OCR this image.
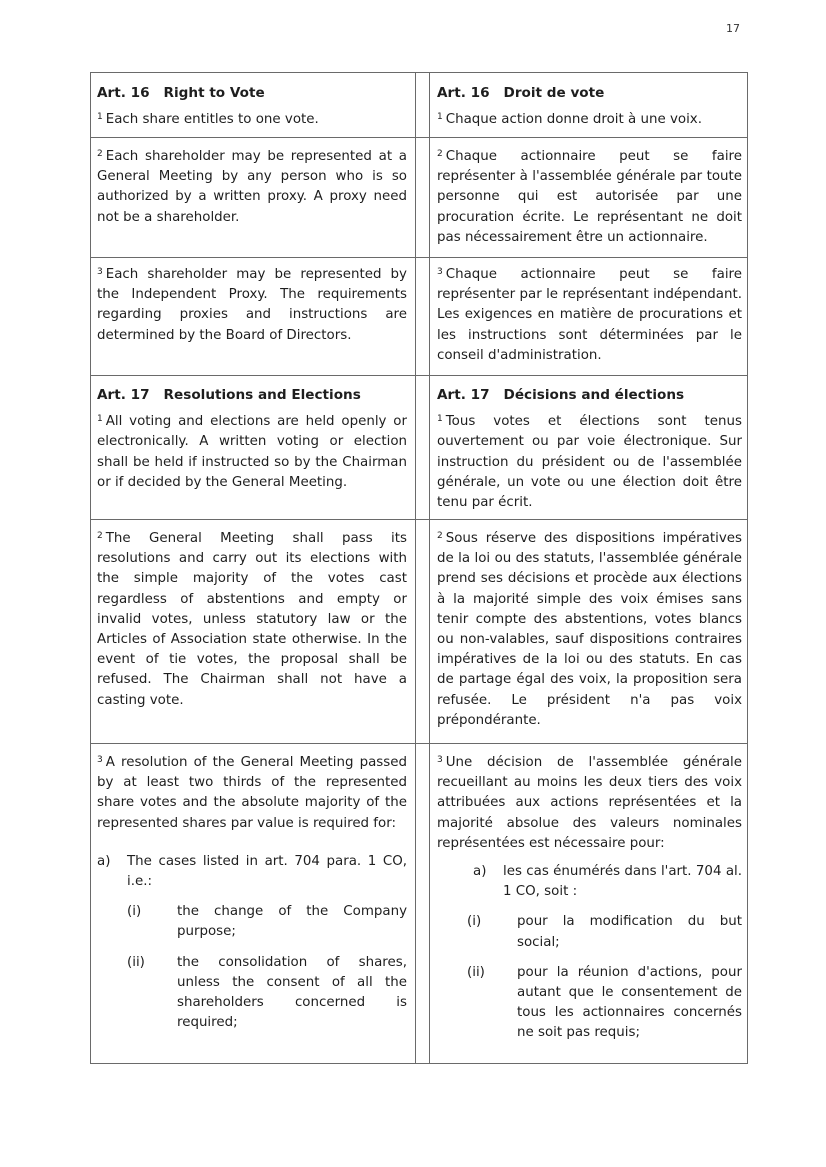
17
Art. 16 Right to Vote

$^1$ Each share entitles to one vote.

Art. 16 Droit de vote

$^1$ Chaque action donne droit à une voix.

$^2$ Each shareholder may be represented at a General Meeting by any person who is so authorized by a written proxy. A proxy need not be a shareholder.

$^2$ Chaque actionnaire peut se faire représenter à l'assemblée générale par toute personne qui est autorisée par une procuration écrite. Le représentant ne doit pas nécessairement être un actionnaire.

$^3$ Each shareholder may be represented by the Independent Proxy. The requirements regarding proxies and instructions are determined by the Board of Directors.

$^3$ Chaque actionnaire peut se faire représenter par le représentant indépendant. Les exigences en matière de procurations et les instructions sont déterminées par le conseil d'administration.

Art. 17 Resolutions and Elections

$^1$ All voting and elections are held openly or electronically. A written voting or election shall be held if instructed so by the Chairman or if decided by the General Meeting.

Art. 17 Décisions and élections

$^1$ Tous votes et élections sont tenus ouvertement ou par voie électronique. Sur instruction du président ou de l'assemblée générale, un vote ou une élection doit être tenu par écrit.

$^2$ The General Meeting shall pass its resolutions and carry out its elections with the simple majority of the votes cast regardless of abstentions and empty or invalid votes, unless statutory law or the Articles of Association state otherwise. In the event of tie votes, the proposal shall be refused. The Chairman shall not have a casting vote.

$^2$ Sous réserve des dispositions impératives de la loi ou des statuts, l'assemblée générale prend ses décisions et procède aux élections à la majorité simple des voix émises sans tenir compte des abstentions, votes blancs ou non-valables, sauf dispositions contraires impératives de la loi ou des statuts. En cas de partage égal des voix, la proposition sera refusée. Le président n'a pas voix prépondérante.

$^3$ A resolution of the General Meeting passed by at least two thirds of the represented share votes and the absolute majority of the represented shares par value is required for:

a) The cases listed in art. 704 para. 1 CO, i.e.:
(i)	the change of the Company purpose;
(ii) the consolidation of shares, unless the consent of all the shareholders concerned is required;

$^3$ Une décision de l'assemblée générale recueillant au moins les deux tiers des voix attribuées aux actions représentées et la majorité absolue des valeurs nominales représentées est nécessaire pour:

a) les cas énumérés dans l'art. 704 al. 1 CO, soit :
(i)	pour la modification du but social;
(ii) pour la réunion d'actions, pour autant que le consentement de tous les actionnaires concernés ne soit pas requis;
